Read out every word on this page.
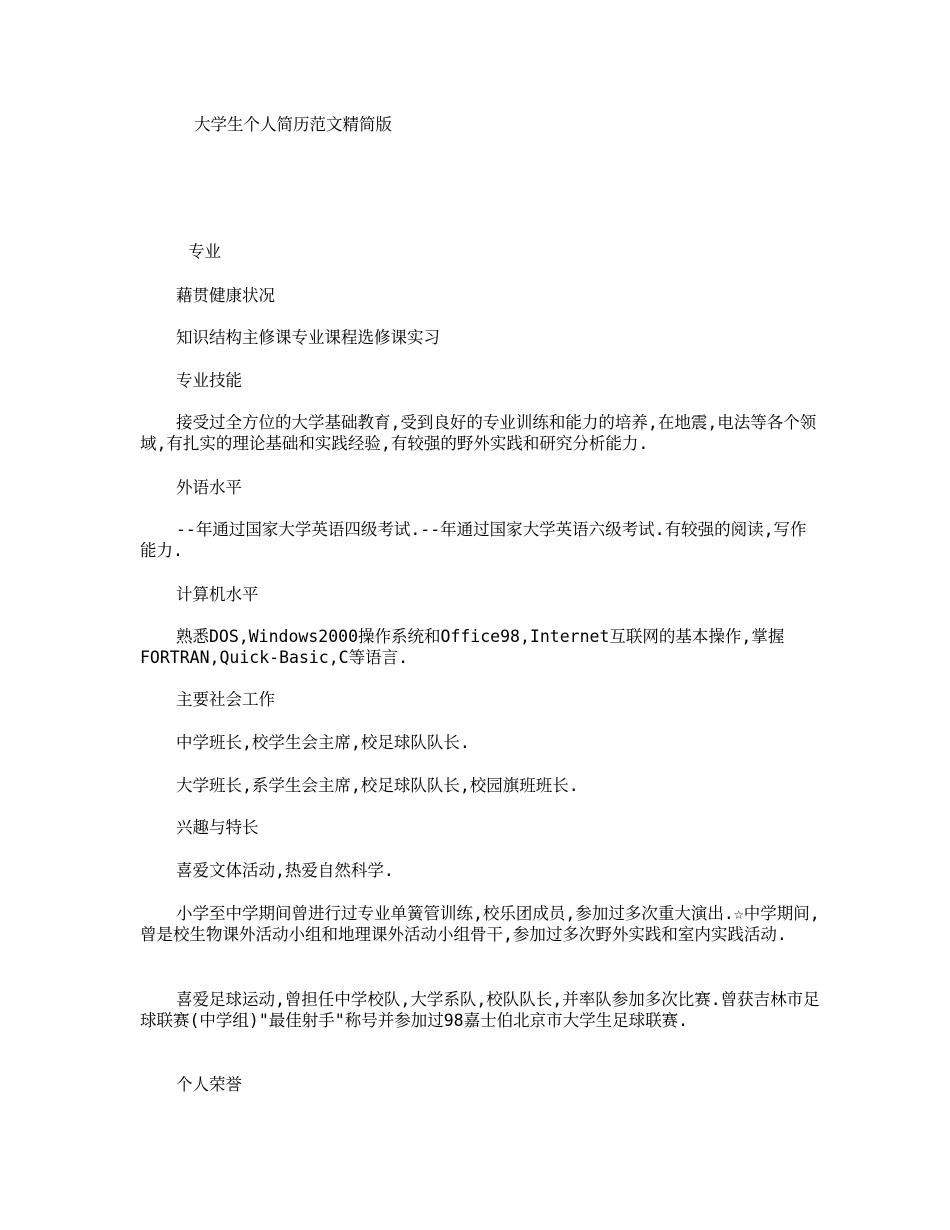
大学生个人简历范文精简版

专业

藉贯健康状况

知识结构主修课专业课程选修课实习

专业技能

接受过全方位的大学基础教育,受到良好的专业训练和能力的培养,在地震,电法等各个领域,有扎实的理论基础和实践经验,有较强的野外实践和研究分析能力.

外语水平

--年通过国家大学英语四级考试.--年通过国家大学英语六级考试.有较强的阅读,写作能力.

计算机水平

熟悉DOS,Windows2000操作系统和Office98,Internet互联网的基本操作,掌握FORTRAN,Quick-Basic,C等语言.

主要社会工作

中学班长,校学生会主席,校足球队队长.

大学班长,系学生会主席,校足球队队长,校园旗班班长.

兴趣与特长

喜爱文体活动,热爱自然科学.

小学至中学期间曾进行过专业单簧管训练,校乐团成员,参加过多次重大演出.☆中学期间,曾是校生物课外活动小组和地理课外活动小组骨干,参加过多次野外实践和室内实践活动.

喜爱足球运动,曾担任中学校队,大学系队,校队队长,并率队参加多次比赛.曾获吉林市足球联赛(中学组)"最佳射手"称号并参加过98嘉士伯北京市大学生足球联赛.

个人荣誉
